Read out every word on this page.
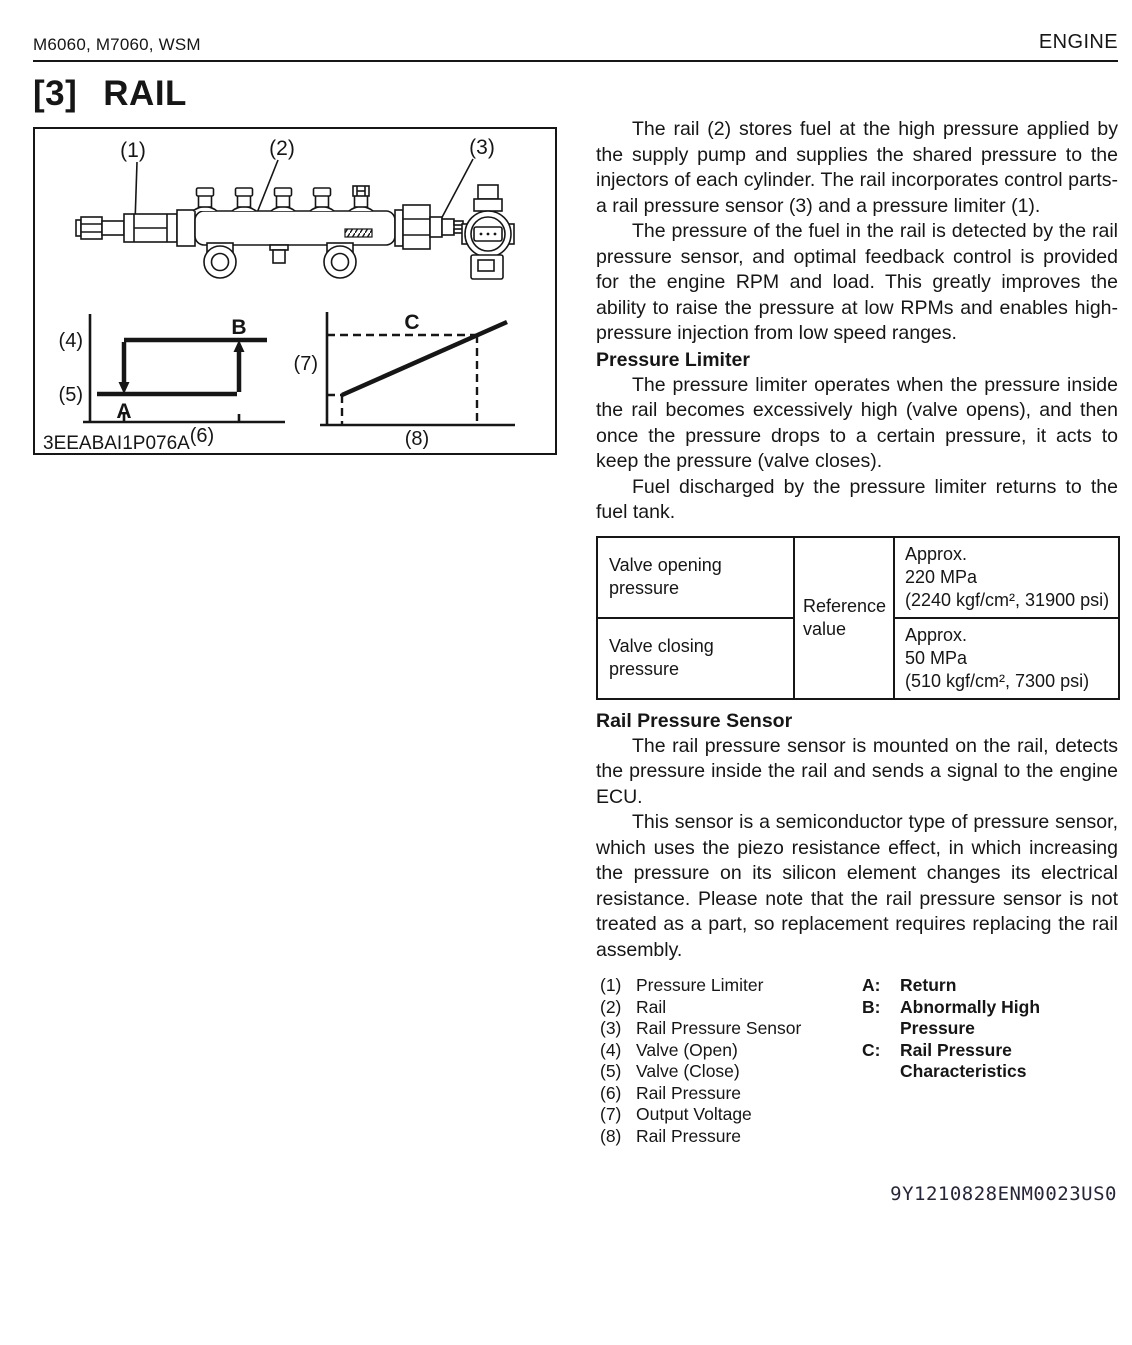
M6060, M7060, WSM	ENGINE
[3] RAIL
(1)	(2)	(3)
(4)
(5)
A
B
(6)
C
(7)
(8)
3EEABAI1P076A

The rail (2) stores fuel at the high pressure applied by the supply pump and supplies the shared pressure to the injectors of each cylinder. The rail incorporates control parts-a rail pressure sensor (3) and a pressure limiter (1).

The pressure of the fuel in the rail is detected by the rail pressure sensor, and optimal feedback control is provided for the engine RPM and load. This greatly improves the ability to raise the pressure at low RPMs and enables high-pressure injection from low speed ranges.

Pressure Limiter

The pressure limiter operates when the pressure inside the rail becomes excessively high (valve opens), and then once the pressure drops to a certain pressure, it acts to keep the pressure (valve closes).

Fuel discharged by the pressure limiter returns to the fuel tank.

Valve opening pressure	Reference value	Approx.
220 MPa
(2240 kgf/cm², 31900 psi)

Valve closing pressure		Approx.
50 MPa
(510 kgf/cm², 7300 psi)
Rail Pressure Sensor

The rail pressure sensor is mounted on the rail, detects the pressure inside the rail and sends a signal to the engine ECU.

This sensor is a semiconductor type of pressure sensor, which uses the piezo resistance effect, in which increasing the pressure on its silicon element changes its electrical resistance. Please note that the rail pressure sensor is not treated as a part, so replacement requires replacing the rail assembly.

(1) Pressure Limiter
(2) Rail
(3) Rail Pressure Sensor
(4) Valve (Open)
(5) Valve (Close)
(6) Rail Pressure
(7) Output Voltage
(8) Rail Pressure
A:	Return
B:	Abnormally High Pressure
C:	Rail Pressure
Characteristics
9Y1210828ENM0023US0
